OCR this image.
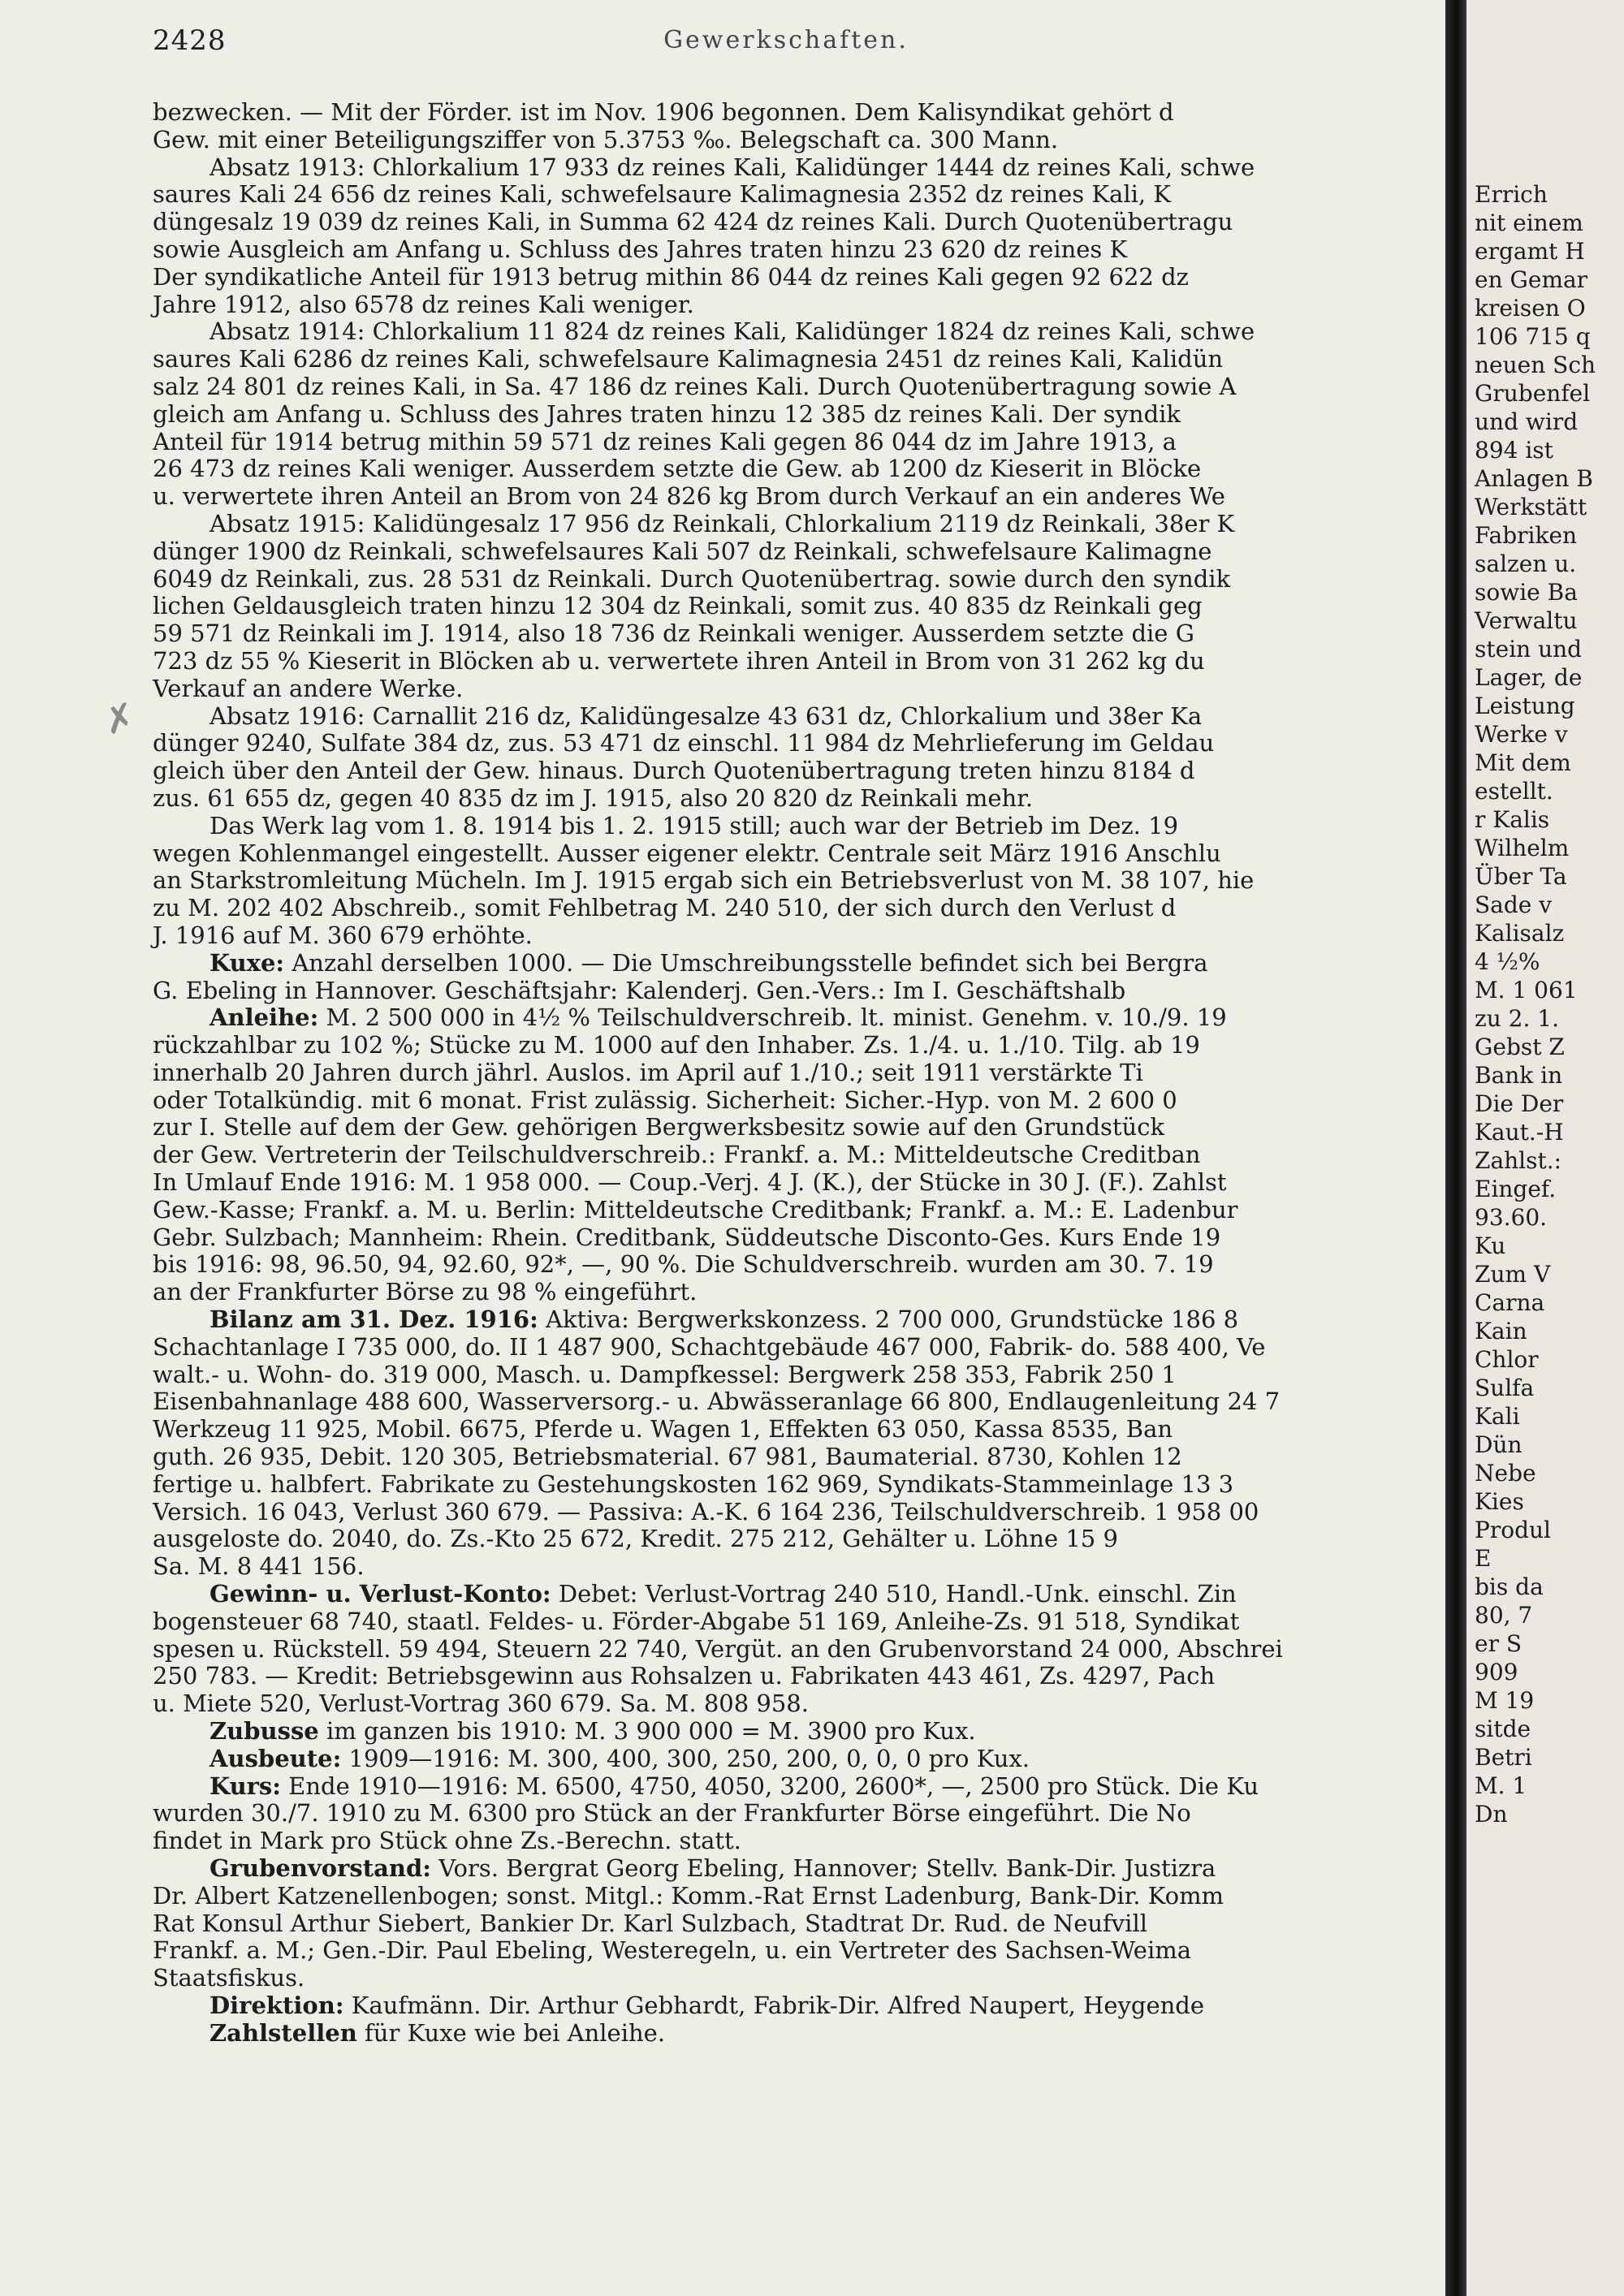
2428	Gewerkschaften.
✗
bezwecken. — Mit der Förder. ist im Nov. 1906 begonnen. Dem Kalisyndikat gehört d
Gew. mit einer Beteiligungsziffer von 5.3753 ‰. Belegschaft ca. 300 Mann.
Absatz 1913: Chlorkalium 17 933 dz reines Kali, Kalidünger 1444 dz reines Kali, schwe
saures Kali 24 656 dz reines Kali, schwefelsaure Kalimagnesia 2352 dz reines Kali, K
düngesalz 19 039 dz reines Kali, in Summa 62 424 dz reines Kali. Durch Quotenübertragu
sowie Ausgleich am Anfang u. Schluss des Jahres traten hinzu 23 620 dz reines K
Der syndikatliche Anteil für 1913 betrug mithin 86 044 dz reines Kali gegen 92 622 dz
Jahre 1912, also 6578 dz reines Kali weniger.
Absatz 1914: Chlorkalium 11 824 dz reines Kali, Kalidünger 1824 dz reines Kali, schwe
saures Kali 6286 dz reines Kali, schwefelsaure Kalimagnesia 2451 dz reines Kali, Kalidün
salz 24 801 dz reines Kali, in Sa. 47 186 dz reines Kali. Durch Quotenübertragung sowie A
gleich am Anfang u. Schluss des Jahres traten hinzu 12 385 dz reines Kali. Der syndik
Anteil für 1914 betrug mithin 59 571 dz reines Kali gegen 86 044 dz im Jahre 1913, a
26 473 dz reines Kali weniger. Ausserdem setzte die Gew. ab 1200 dz Kieserit in Blöcke
u. verwertete ihren Anteil an Brom von 24 826 kg Brom durch Verkauf an ein anderes We
Absatz 1915: Kalidüngesalz 17 956 dz Reinkali, Chlorkalium 2119 dz Reinkali, 38er K
dünger 1900 dz Reinkali, schwefelsaures Kali 507 dz Reinkali, schwefelsaure Kalimagne
6049 dz Reinkali, zus. 28 531 dz Reinkali. Durch Quotenübertrag. sowie durch den syndik
lichen Geldausgleich traten hinzu 12 304 dz Reinkali, somit zus. 40 835 dz Reinkali geg
59 571 dz Reinkali im J. 1914, also 18 736 dz Reinkali weniger. Ausserdem setzte die G
723 dz 55 % Kieserit in Blöcken ab u. verwertete ihren Anteil in Brom von 31 262 kg du
Verkauf an andere Werke.
Absatz 1916: Carnallit 216 dz, Kalidüngesalze 43 631 dz, Chlorkalium und 38er Ka
dünger 9240, Sulfate 384 dz, zus. 53 471 dz einschl. 11 984 dz Mehrlieferung im Geldau
gleich über den Anteil der Gew. hinaus. Durch Quotenübertragung treten hinzu 8184 d
zus. 61 655 dz, gegen 40 835 dz im J. 1915, also 20 820 dz Reinkali mehr.
Das Werk lag vom 1. 8. 1914 bis 1. 2. 1915 still; auch war der Betrieb im Dez. 19
wegen Kohlenmangel eingestellt. Ausser eigener elektr. Centrale seit März 1916 Anschlu
an Starkstromleitung Mücheln. Im J. 1915 ergab sich ein Betriebsverlust von M. 38 107, hie
zu M. 202 402 Abschreib., somit Fehlbetrag M. 240 510, der sich durch den Verlust d
J. 1916 auf M. 360 679 erhöhte.
Kuxe: Anzahl derselben 1000. — Die Umschreibungsstelle befindet sich bei Bergra
G. Ebeling in Hannover. Geschäftsjahr: Kalenderj. Gen.-Vers.: Im I. Geschäftshalb
Anleihe: M. 2 500 000 in 4½ % Teilschuldverschreib. lt. minist. Genehm. v. 10./9. 19
rückzahlbar zu 102 %; Stücke zu M. 1000 auf den Inhaber. Zs. 1./4. u. 1./10. Tilg. ab 19
innerhalb 20 Jahren durch jährl. Auslos. im April auf 1./10.; seit 1911 verstärkte Ti
oder Totalkündig. mit 6 monat. Frist zulässig. Sicherheit: Sicher.-Hyp. von M. 2 600 0
zur I. Stelle auf dem der Gew. gehörigen Bergwerksbesitz sowie auf den Grundstück
der Gew. Vertreterin der Teilschuldverschreib.: Frankf. a. M.: Mitteldeutsche Creditban
In Umlauf Ende 1916: M. 1 958 000. — Coup.-Verj. 4 J. (K.), der Stücke in 30 J. (F.). Zahlst
Gew.-Kasse; Frankf. a. M. u. Berlin: Mitteldeutsche Creditbank; Frankf. a. M.: E. Ladenbur
Gebr. Sulzbach; Mannheim: Rhein. Creditbank, Süddeutsche Disconto-Ges. Kurs Ende 19
bis 1916: 98, 96.50, 94, 92.60, 92*, —, 90 %. Die Schuldverschreib. wurden am 30. 7. 19
an der Frankfurter Börse zu 98 % eingeführt.
Bilanz am 31. Dez. 1916: Aktiva: Bergwerkskonzess. 2 700 000, Grundstücke 186 8
Schachtanlage I 735 000, do. II 1 487 900, Schachtgebäude 467 000, Fabrik- do. 588 400, Ve
walt.- u. Wohn- do. 319 000, Masch. u. Dampfkessel: Bergwerk 258 353, Fabrik 250 1
Eisenbahnanlage 488 600, Wasserversorg.- u. Abwässeranlage 66 800, Endlaugenleitung 24 7
Werkzeug 11 925, Mobil. 6675, Pferde u. Wagen 1, Effekten 63 050, Kassa 8535, Ban
guth. 26 935, Debit. 120 305, Betriebsmaterial. 67 981, Baumaterial. 8730, Kohlen 12
fertige u. halbfert. Fabrikate zu Gestehungskosten 162 969, Syndikats-Stammeinlage 13 3
Versich. 16 043, Verlust 360 679. — Passiva: A.-K. 6 164 236, Teilschuldverschreib. 1 958 00
ausgeloste do. 2040, do. Zs.-Kto 25 672, Kredit. 275 212, Gehälter u. Löhne 15 9
Sa. M. 8 441 156.
Gewinn- u. Verlust-Konto: Debet: Verlust-Vortrag 240 510, Handl.-Unk. einschl. Zin
bogensteuer 68 740, staatl. Feldes- u. Förder-Abgabe 51 169, Anleihe-Zs. 91 518, Syndikat
spesen u. Rückstell. 59 494, Steuern 22 740, Vergüt. an den Grubenvorstand 24 000, Abschrei
250 783. — Kredit: Betriebsgewinn aus Rohsalzen u. Fabrikaten 443 461, Zs. 4297, Pach
u. Miete 520, Verlust-Vortrag 360 679. Sa. M. 808 958.
Zubusse im ganzen bis 1910: M. 3 900 000 = M. 3900 pro Kux.
Ausbeute: 1909—1916: M. 300, 400, 300, 250, 200, 0, 0, 0 pro Kux.
Kurs: Ende 1910—1916: M. 6500, 4750, 4050, 3200, 2600*, —, 2500 pro Stück. Die Ku
wurden 30./7. 1910 zu M. 6300 pro Stück an der Frankfurter Börse eingeführt. Die No
findet in Mark pro Stück ohne Zs.-Berechn. statt.
Grubenvorstand: Vors. Bergrat Georg Ebeling, Hannover; Stellv. Bank-Dir. Justizra
Dr. Albert Katzenellenbogen; sonst. Mitgl.: Komm.-Rat Ernst Ladenburg, Bank-Dir. Komm
Rat Konsul Arthur Siebert, Bankier Dr. Karl Sulzbach, Stadtrat Dr. Rud. de Neufvill
Frankf. a. M.; Gen.-Dir. Paul Ebeling, Westeregeln, u. ein Vertreter des Sachsen-Weima
Staatsfiskus.
Direktion: Kaufmänn. Dir. Arthur Gebhardt, Fabrik-Dir. Alfred Naupert, Heygende
Zahlstellen für Kuxe wie bei Anleihe.
Errich
nit einem
ergamt H
en Gemar
kreisen O
106 715 q
neuen Sch
Grubenfel
und wird
894 ist
Anlagen B
Werkstätt
Fabriken
salzen u.
sowie Ba
Verwaltu
stein und
Lager, de
Leistung
Werke v
Mit dem
estellt.
r Kalis
Wilhelm
Über Ta
Sade v
Kalisalz
4 ½%
M. 1 061
zu 2. 1.
Gebst Z
Bank in
Die Der
Kaut.-H
Zahlst.:
Eingef.
93.60.
Ku
Zum V
Carna
Kain
Chlor
Sulfa
Kali
Dün
Nebe
Kies
Produl
E
bis da
80, 7
er S
909
M 19
sitde
Betri
M. 1
Dn
